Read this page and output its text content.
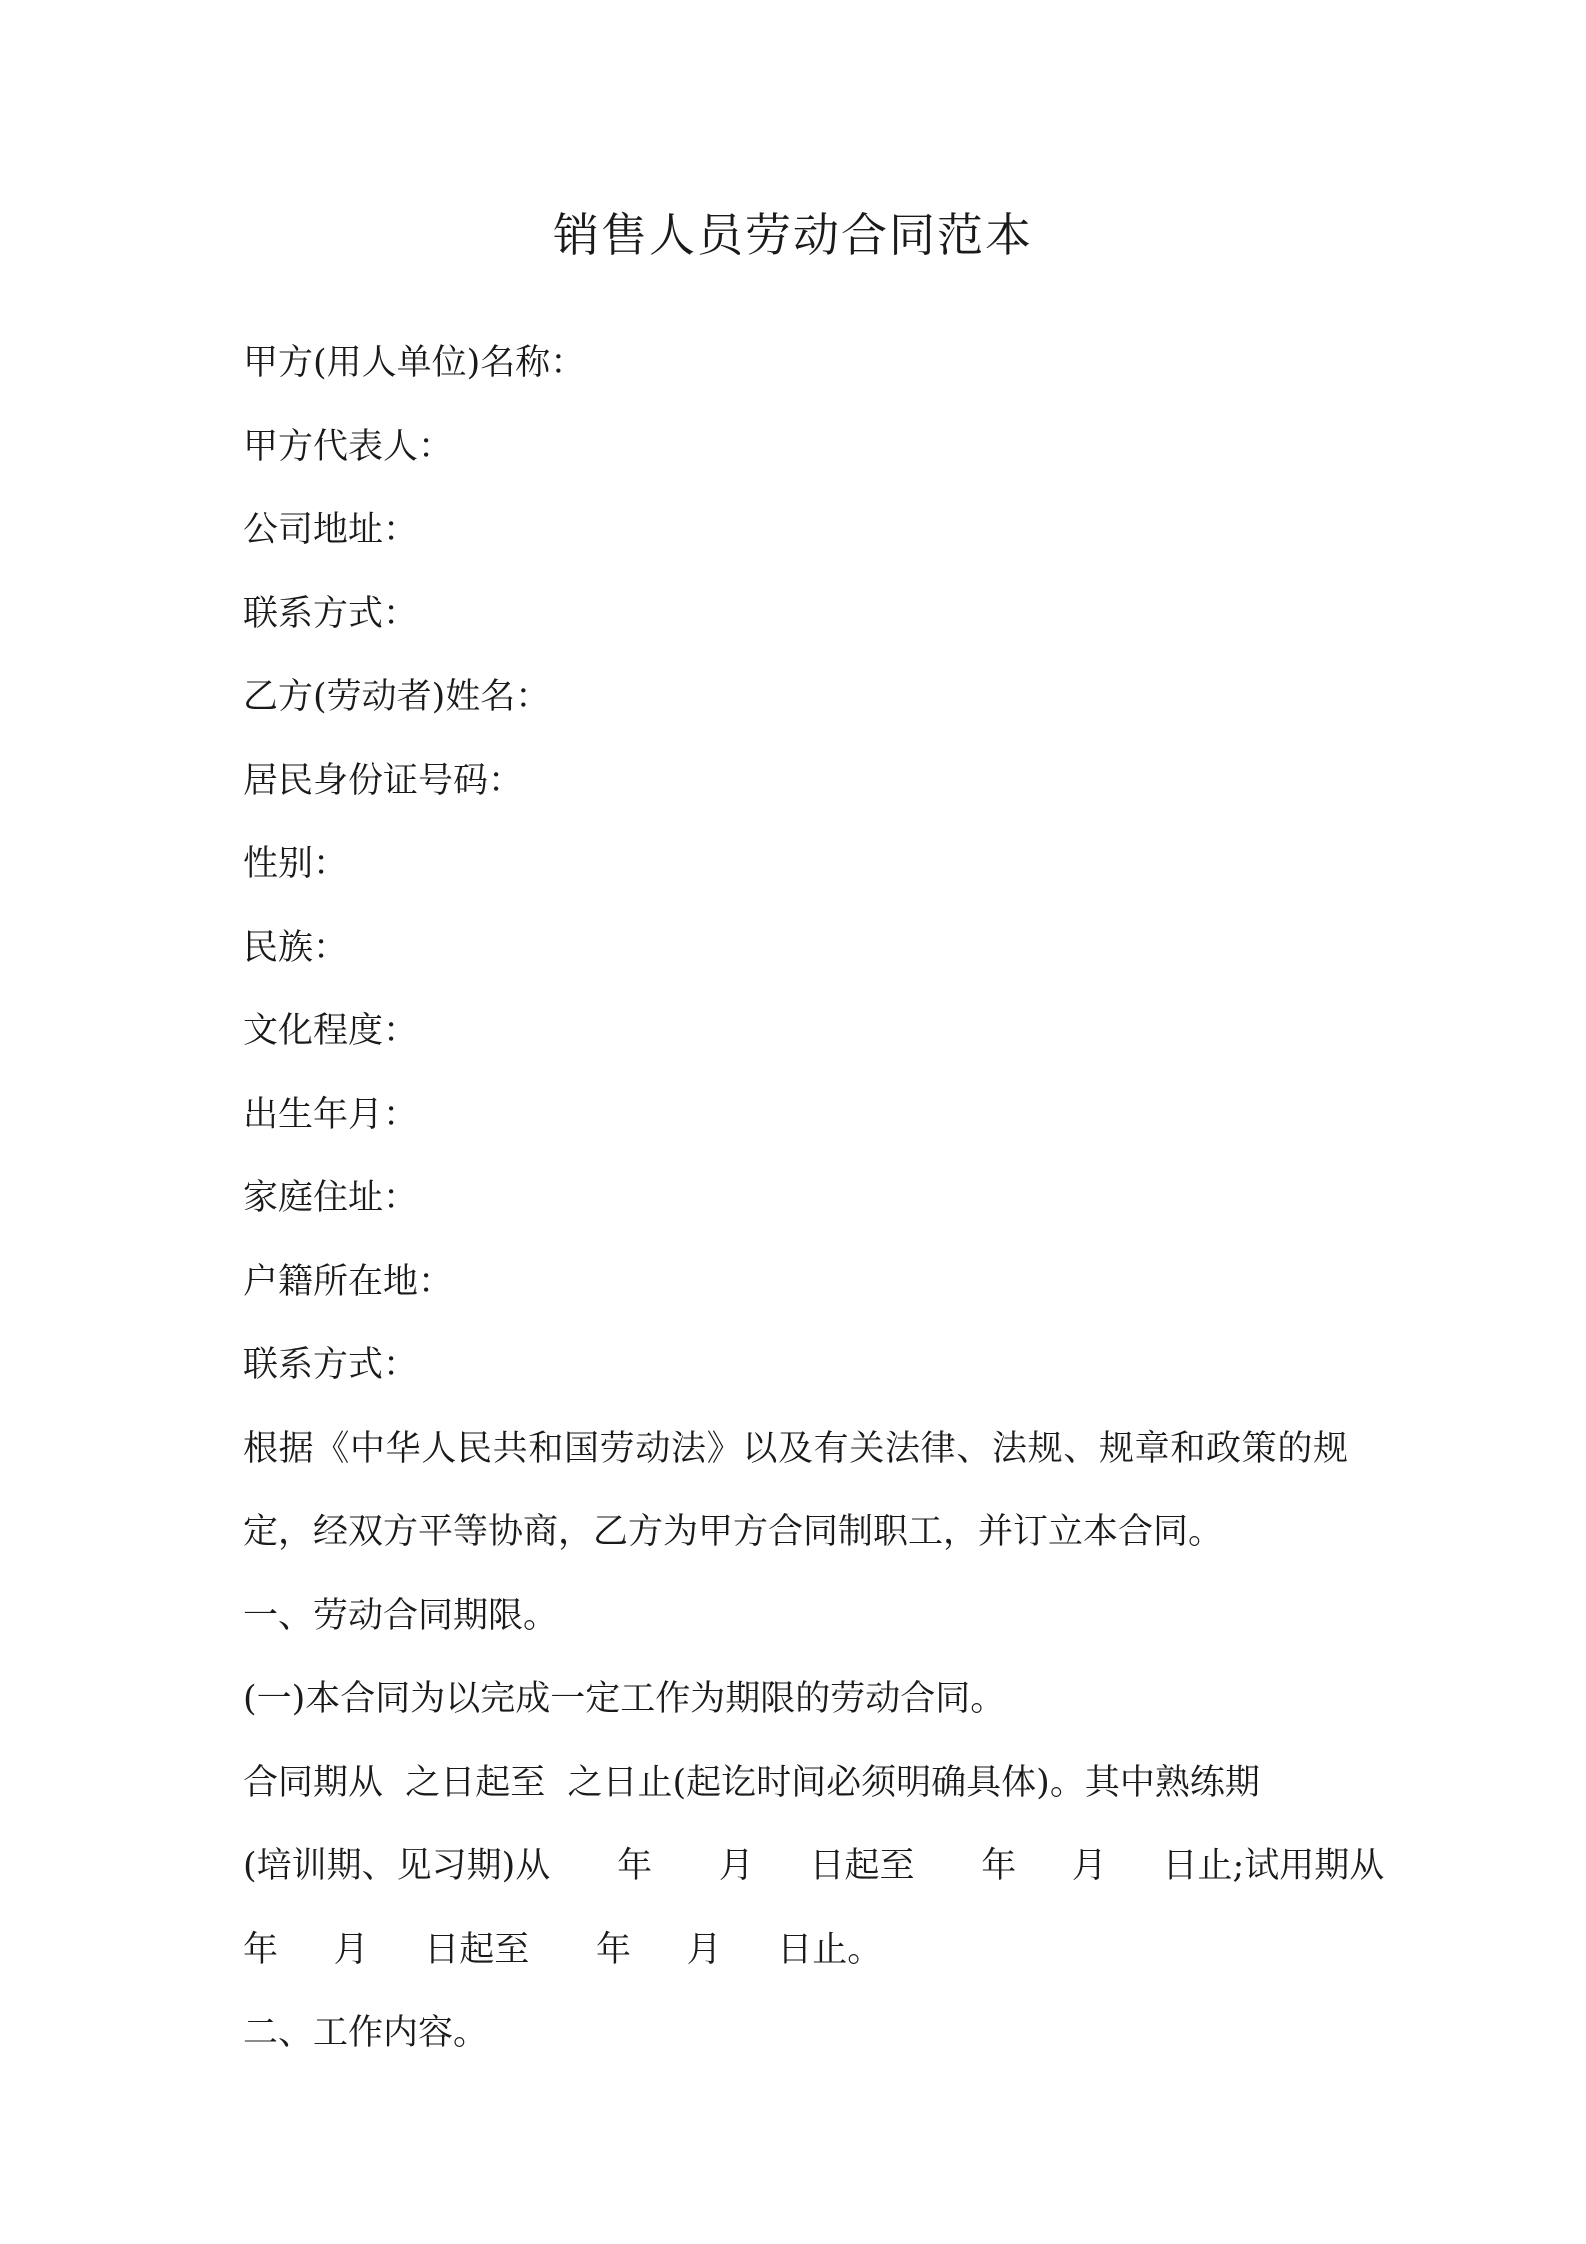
销售人员劳动合同范本

甲方(用人单位)名称：

甲方代表人：

公司地址：

联系方式：

乙方(劳动者)姓名：

居民身份证号码：

性别：

民族：

文化程度：

出生年月：

家庭住址：

户籍所在地：

联系方式：

根据《中华人民共和国劳动法》以及有关法律、法规、规章和政策的规定，经双方平等协商，乙方为甲方合同制职工，并订立本合同。

一、劳动合同期限。

(一)本合同为以完成一定工作为期限的劳动合同。

合同期从  之日起至  之日止(起讫时间必须明确具体)。其中熟练期

(培训期、见习期)从      年      月     日起至      年     月     日止;试用期从

年     月     日起至      年     月     日止。

二、工作内容。
